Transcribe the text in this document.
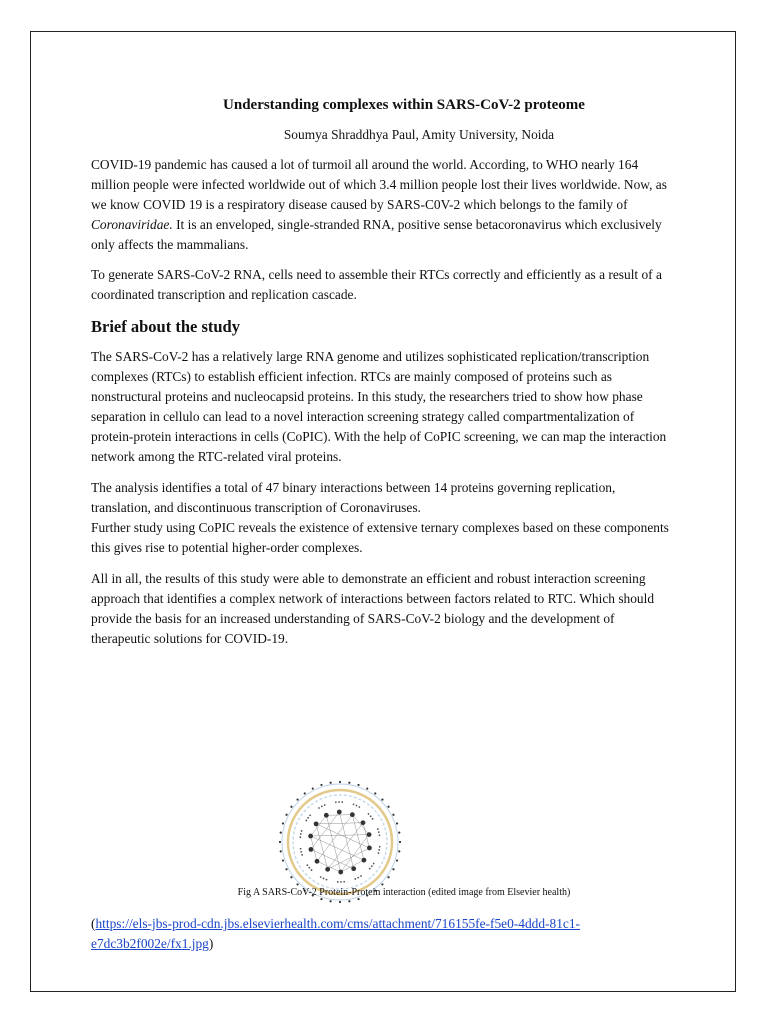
Understanding complexes within SARS-CoV-2 proteome
Soumya Shraddhya Paul, Amity University, Noida

COVID-19 pandemic has caused a lot of turmoil all around the world. According, to WHO nearly 164 million people were infected worldwide out of which 3.4 million people lost their lives worldwide. Now, as we know COVID 19 is a respiratory disease caused by SARS-C0V-2 which belongs to the family of Coronaviridae. It is an enveloped, single-stranded RNA, positive sense betacoronavirus which exclusively only affects the mammalians.

To generate SARS-CoV-2 RNA, cells need to assemble their RTCs correctly and efficiently as a result of a coordinated transcription and replication cascade.

Brief about the study

The SARS-CoV-2 has a relatively large RNA genome and utilizes sophisticated replication/transcription complexes (RTCs) to establish efficient infection. RTCs are mainly composed of proteins such as nonstructural proteins and nucleocapsid proteins. In this study, the researchers tried to show how phase separation in cellulo can lead to a novel interaction screening strategy called compartmentalization of protein-protein interactions in cells (CoPIC). With the help of CoPIC screening, we can map the interaction network among the RTC-related viral proteins.

The analysis identifies a total of 47 binary interactions between 14 proteins governing replication, translation, and discontinuous transcription of Coronaviruses.
Further study using CoPIC reveals the existence of extensive ternary complexes based on these components this gives rise to potential higher-order complexes.

All in all, the results of this study were able to demonstrate an efficient and robust interaction screening approach that identifies a complex network of interactions between factors related to RTC. Which should provide the basis for an increased understanding of SARS-CoV-2 biology and the development of therapeutic solutions for COVID-19.

Fig A SARS-CoV-2 Protein-Protein interaction (edited image from Elsevier health)
(https://els-jbs-prod-cdn.jbs.elsevierhealth.com/cms/attachment/716155fe-f5e0-4ddd-81c1-e7dc3b2f002e/fx1.jpg)
